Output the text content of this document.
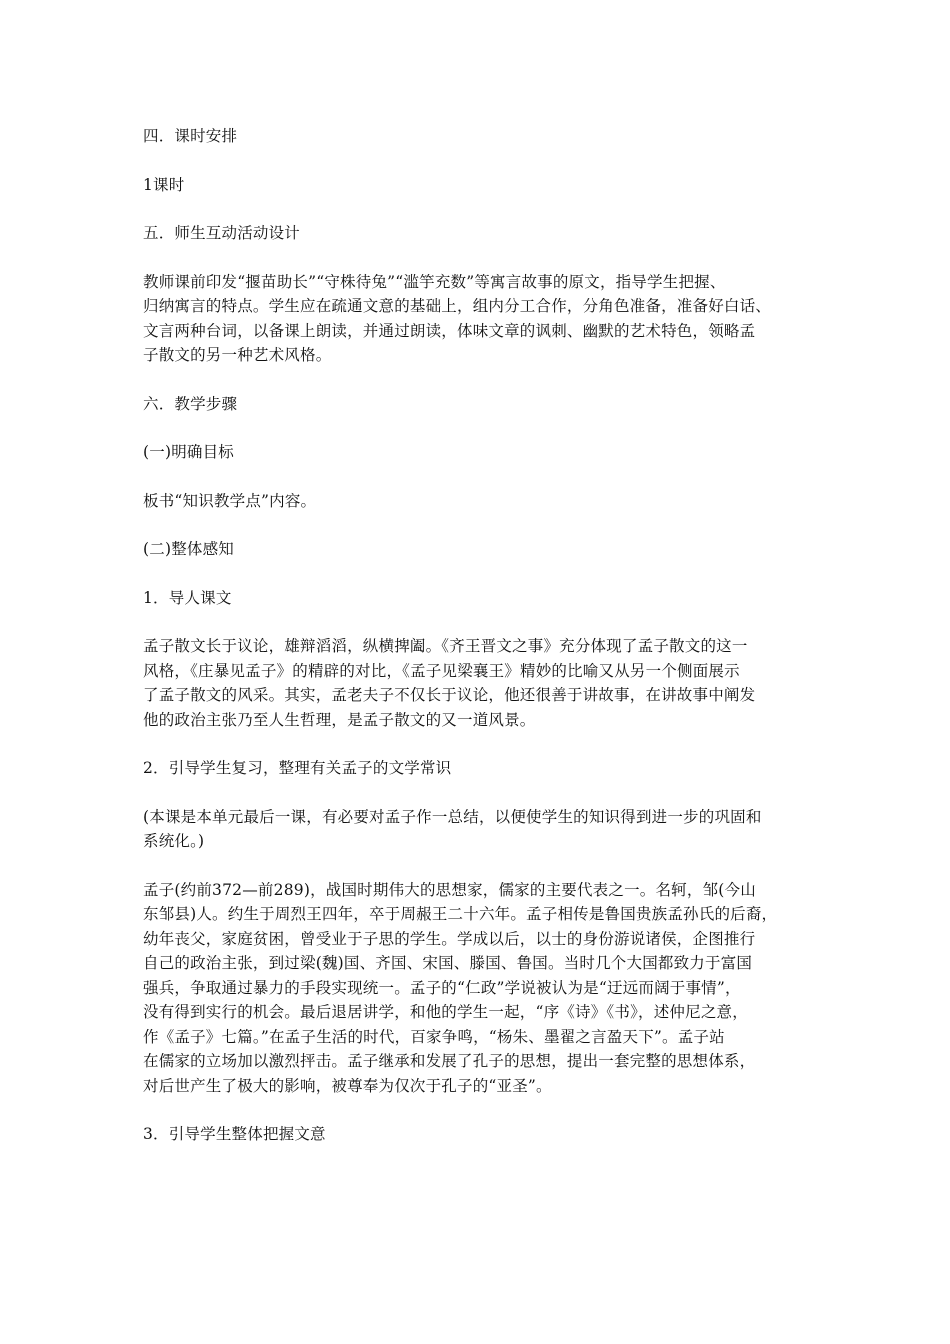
四．课时安排

1课时

五．师生互动活动设计

教师课前印发“揠苗助长”“守株待兔”“滥竽充数”等寓言故事的原文，指导学生把握、
归纳寓言的特点。学生应在疏通文意的基础上，组内分工合作，分角色准备，准备好白话、
文言两种台词，以备课上朗读，并通过朗读，体味文章的讽刺、幽默的艺术特色，领略孟
子散文的另一种艺术风格。

六．教学步骤

(一)明确目标

板书“知识教学点”内容。

(二)整体感知

1．导人课文

孟子散文长于议论，雄辩滔滔，纵横捭阖。《齐王晋文之事》充分体现了孟子散文的这一
风格，《庄暴见孟子》的精辟的对比，《孟子见梁襄王》精妙的比喻又从另一个侧面展示
了孟子散文的风采。其实，孟老夫子不仅长于议论，他还很善于讲故事，在讲故事中阐发
他的政治主张乃至人生哲理，是孟子散文的又一道风景。

2．引导学生复习，整理有关孟子的文学常识

(本课是本单元最后一课，有必要对孟子作一总结，以便使学生的知识得到进一步的巩固和
系统化。)

孟子(约前372—前289)，战国时期伟大的思想家，儒家的主要代表之一。名轲，邹(今山
东邹县)人。约生于周烈王四年，卒于周赧王二十六年。孟子相传是鲁国贵族孟孙氏的后裔，
幼年丧父，家庭贫困，曾受业于子思的学生。学成以后，以士的身份游说诸侯，企图推行
自己的政治主张，到过梁(魏)国、齐国、宋国、滕国、鲁国。当时几个大国都致力于富国
强兵，争取通过暴力的手段实现统一。孟子的“仁政”学说被认为是“迂远而阔于事情”，
没有得到实行的机会。最后退居讲学，和他的学生一起，“序《诗》《书》，述仲尼之意，
作《孟子》七篇。”在孟子生活的时代，百家争鸣，“杨朱、墨翟之言盈天下”。孟子站
在儒家的立场加以激烈抨击。孟子继承和发展了孔子的思想，提出一套完整的思想体系，
对后世产生了极大的影响，被尊奉为仅次于孔子的“亚圣”。

3．引导学生整体把握文意
